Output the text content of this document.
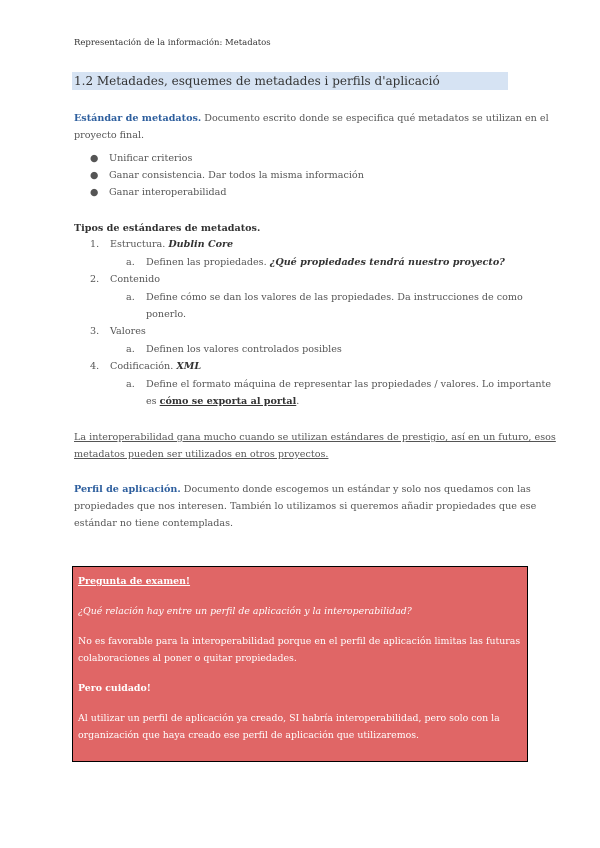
Representación de la información: Metadatos
1.2 Metadades, esquemes de metadades i perfils d'aplicació
Estándar de metadatos. Documento escrito donde se especifica qué metadatos se utilizan en el
proyecto final.
● Unificar criterios
● Ganar consistencia. Dar todos la misma información
● Ganar interoperabilidad
Tipos de estándares de metadatos.
1. Estructura. Dublin Core
a. Definen las propiedades. ¿Qué propiedades tendrá nuestro proyecto?
2. Contenido
a. Define cómo se dan los valores de las propiedades. Da instrucciones de como
ponerlo.
3. Valores
a. Definen los valores controlados posibles
4. Codificación. XML
a. Define el formato máquina de representar las propiedades / valores. Lo importante
es cómo se exporta al portal.
La interoperabilidad gana mucho cuando se utilizan estándares de prestigio, así en un futuro, esos
metadatos pueden ser utilizados en otros proyectos.
Perfil de aplicación. Documento donde escogemos un estándar y solo nos quedamos con las
propiedades que nos interesen. También lo utilizamos si queremos añadir propiedades que ese
estándar no tiene contempladas.
Pregunta de examen!
¿Qué relación hay entre un perfil de aplicación y la interoperabilidad?
No es favorable para la interoperabilidad porque en el perfil de aplicación limitas las futuras
colaboraciones al poner o quitar propiedades.
Pero cuidado!
Al utilizar un perfil de aplicación ya creado, SI habría interoperabilidad, pero solo con la
organización que haya creado ese perfil de aplicación que utilizaremos.
